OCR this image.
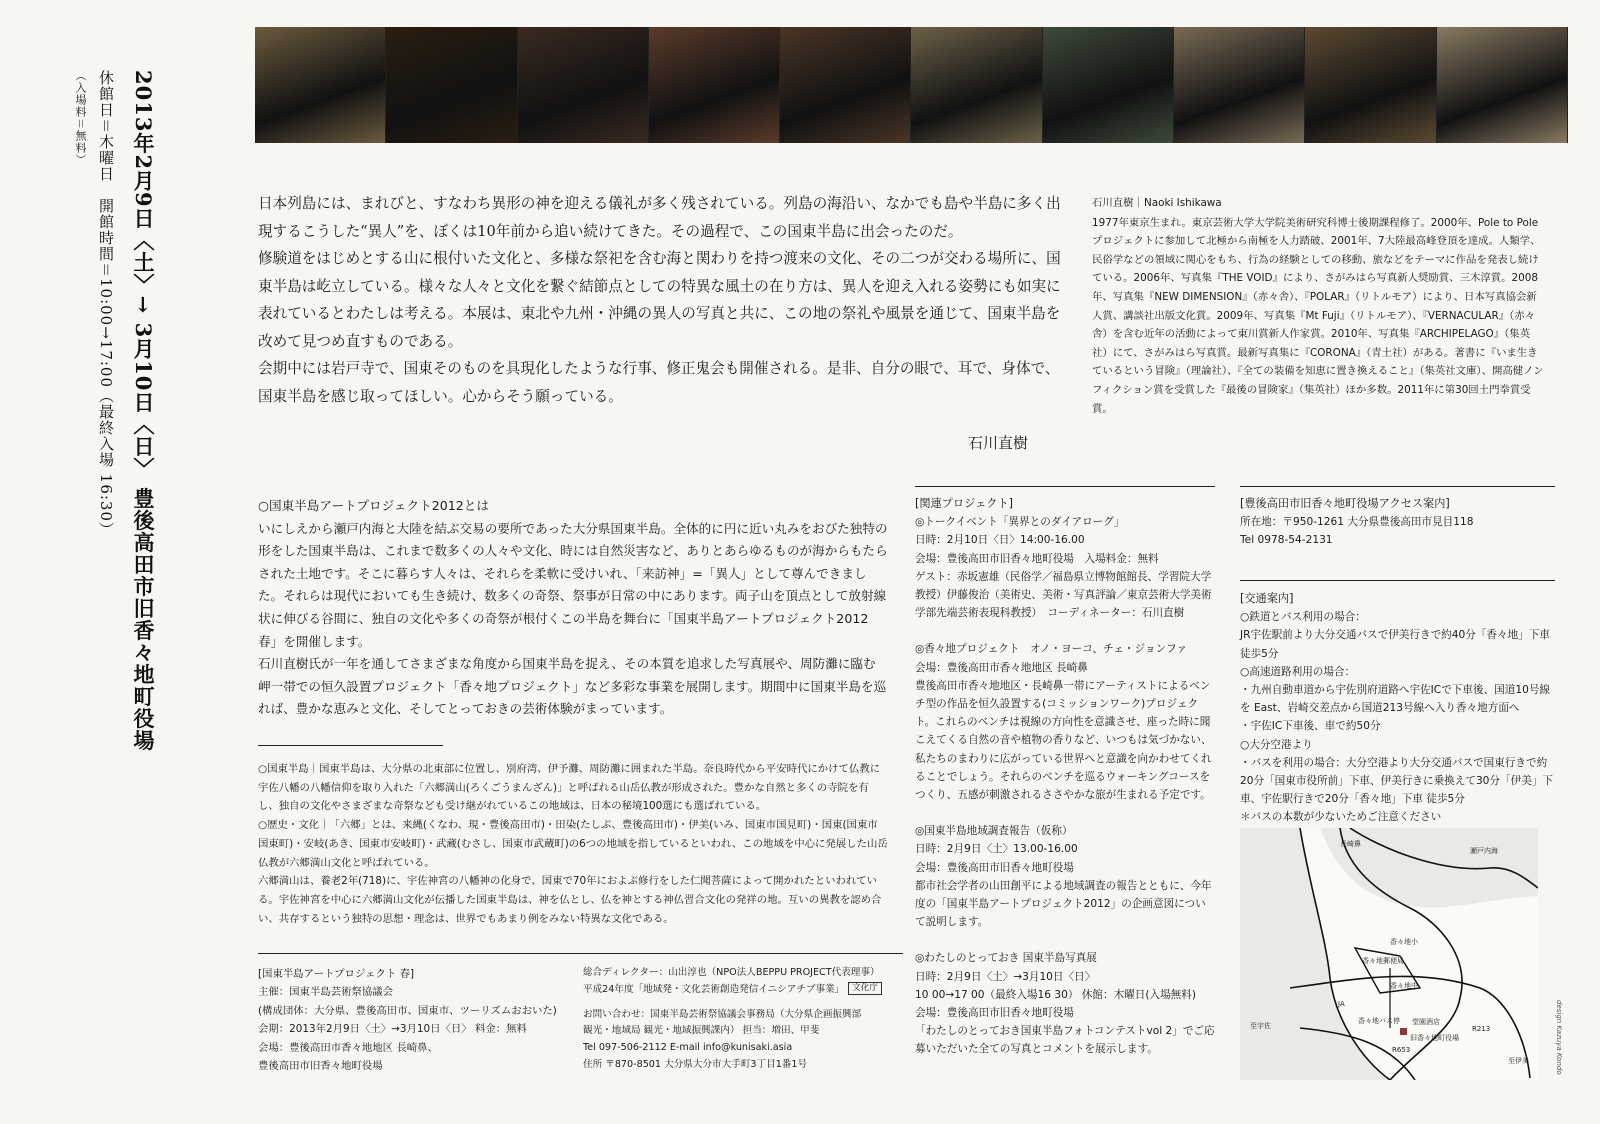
2013年2月9日〈土〉→ 3月10日〈日〉 豊後高田市旧香々地町役場
休館日＝木曜日　開館時間＝10:00→17:00（最終入場 16:30）
（入場料＝無料）

日本列島には、まれびと、すなわち異形の神を迎える儀礼が多く残されている。列島の海沿い、なかでも島や半島に多く出現するこうした“異人”を、ぼくは10年前から追い続けてきた。その過程で、この国東半島に出会ったのだ。

修験道をはじめとする山に根付いた文化と、多様な祭祀を含む海と関わりを持つ渡来の文化、その二つが交わる場所に、国東半島は屹立している。様々な人々と文化を繋ぐ結節点としての特異な風土の在り方は、異人を迎え入れる姿勢にも如実に表れているとわたしは考える。本展は、東北や九州・沖縄の異人の写真と共に、この地の祭礼や風景を通じて、国東半島を改めて見つめ直すものである。

会期中には岩戸寺で、国東そのものを具現化したような行事、修正鬼会も開催される。是非、自分の眼で、耳で、身体で、国東半島を感じ取ってほしい。心からそう願っている。

石川直樹
石川直樹｜Naoki Ishikawa
1977年東京生まれ。東京芸術大学大学院美術研究科博士後期課程修了。2000年、Pole to Poleプロジェクトに参加して北極から南極を人力踏破、2001年、7大陸最高峰登頂を達成。人類学、民俗学などの領域に関心をもち、行為の経験としての移動、旅などをテーマに作品を発表し続けている。2006年、写真集『THE VOID』により、さがみはら写真新人奨励賞、三木淳賞。2008年、写真集『NEW DIMENSION』（赤々舎）、『POLAR』（リトルモア）により、日本写真協会新人賞、講談社出版文化賞。2009年、写真集『Mt Fuji』（リトルモア）、『VERNACULAR』（赤々舎）を含む近年の活動によって東川賞新人作家賞。2010年、写真集『ARCHIPELAGO』（集英社）にて、さがみはら写真賞。最新写真集に『CORONA』（青土社）がある。著書に『いま生きているという冒険』（理論社）、『全ての装備を知恵に置き換えること』（集英社文庫）、開高健ノンフィクション賞を受賞した『最後の冒険家』（集英社）ほか多数。2011年に第30回土門拳賞受賞。
○国東半島アートプロジェクト2012とは
いにしえから瀬戸内海と大陸を結ぶ交易の要所であった大分県国東半島。全体的に円に近い丸みをおびた独特の形をした国東半島は、これまで数多くの人々や文化、時には自然災害など、ありとあらゆるものが海からもたらされた土地です。そこに暮らす人々は、それらを柔軟に受けいれ、「来訪神」=「異人」として尊んできました。それらは現代においても生き続け、数多くの奇祭、祭事が日常の中にあります。両子山を頂点として放射線状に伸びる谷間に、独自の文化や多くの奇祭が根付くこの半島を舞台に「国東半島アートプロジェクト2012 春」を開催します。
石川直樹氏が一年を通してさまざまな角度から国東半島を捉え、その本質を追求した写真展や、周防灘に臨む岬一帯での恒久設置プロジェクト「香々地プロジェクト」など多彩な事業を展開します。期間中に国東半島を巡れば、豊かな恵みと文化、そしてとっておきの芸術体験がまっています。

○国東半島｜国東半島は、大分県の北東部に位置し、別府湾、伊予灘、周防灘に囲まれた半島。奈良時代から平安時代にかけて仏教に宇佐八幡の八幡信仰を取り入れた「六郷満山(ろくごうまんざん)」と呼ばれる山岳仏教が形成された。豊かな自然と多くの寺院を有し、独自の文化やさまざまな奇祭なども受け継がれているこの地域は、日本の秘境100選にも選ばれている。

○歴史・文化｜「六郷」とは、来縄(くなわ、現・豊後高田市)・田染(たしぶ、豊後高田市)・伊美(いみ、国東市国見町)・国東(国東市国東町)・安岐(あき、国東市安岐町)・武蔵(むさし、国東市武蔵町)の6つの地域を指しているといわれ、この地域を中心に発展した山岳仏教が六郷満山文化と呼ばれている。

六郷満山は、養老2年(718)に、宇佐神宮の八幡神の化身で、国東で70年におよぶ修行をした仁聞菩薩によって開かれたといわれている。宇佐神宮を中心に六郷満山文化が伝播した国東半島は、神を仏とし、仏を神とする神仏習合文化の発祥の地。互いの異教を認め合い、共存するという独特の思想・理念は、世界でもあまり例をみない特異な文化である。

[国東半島アートプロジェクト 春]
主催：国東半島芸術祭協議会
(構成団体：大分県、豊後高田市、国東市、ツーリズムおおいた)
会期：2013年2月9日〈土〉→3月10日〈日〉 料金：無料
会場：豊後高田市香々地地区 長崎鼻、
豊後高田市旧香々地町役場
総合ディレクター：山出淳也（NPO法人BEPPU PROJECT代表理事）
平成24年度「地域発・文化芸術創造発信イニシアチブ事業」 文化庁
お問い合わせ：国東半島芸術祭協議会事務局（大分県企画振興部
観光・地域局 観光・地域振興課内） 担当：増田、甲斐
Tel 097-506-2112 E-mail info@kunisaki.asia
住所 〒870-8501 大分県大分市大手町3丁目1番1号
[関連プロジェクト]
◎トークイベント「異界とのダイアローグ」
日時：2月10日〈日〉14:00-16.00
会場：豊後高田市旧香々地町役場　入場料金：無料
ゲスト：赤坂憲雄（民俗学／福島県立博物館館長、学習院大学教授）伊藤俊治（美術史、美術・写真評論／東京芸術大学美術学部先端芸術表現科教授）　コーディネーター：石川直樹
◎香々地プロジェクト　オノ・ヨーコ、チェ・ジョンファ
会場：豊後高田市香々地地区 長崎鼻
豊後高田市香々地地区・長崎鼻一帯にアーティストによるベンチ型の作品を恒久設置する(コミッションワーク)プロジェクト。これらのベンチは視線の方向性を意識させ、座った時に聞こえてくる自然の音や植物の香りなど、いつもは気づかない、私たちのまわりに広がっている世界へと意識を向かわせてくれることでしょう。それらのベンチを巡るウォーキングコースをつくり、五感が刺激されるささやかな旅が生まれる予定です。
◎国東半島地域調査報告（仮称）
日時：2月9日〈土〉13.00-16.00
会場：豊後高田市旧香々地町役場
都市社会学者の山田創平による地域調査の報告とともに、今年度の「国東半島アートプロジェクト2012」の企画意図について説明します。
◎わたしのとっておき 国東半島写真展
日時：2月9日〈土〉→3月10日〈日〉
10 00→17 00（最終入場16 30） 休館：木曜日(入場無料)
会場：豊後高田市旧香々地町役場
「わたしのとっておき国東半島フォトコンテストvol 2」でご応募いただいた全ての写真とコメントを展示します。
[豊後高田市旧香々地町役場アクセス案内]
所在地：〒950-1261 大分県豊後高田市見目118
Tel 0978-54-2131
[交通案内]
○鉄道とバス利用の場合：
JR宇佐駅前より大分交通バスで伊美行きで約40分「香々地」下車徒歩5分
○高速道路利用の場合：
・九州自動車道から宇佐別府道路へ宇佐ICで下車後、国道10号線を East、岩崎交差点から国道213号線へ入り香々地方面へ
・宇佐IC下車後、車で約50分
○大分空港より
・バスを利用の場合：大分空港より大分交通バスで国東行きで約20分「国東市役所前」下車、伊美行きに乗換えて30分「伊美」下車、宇佐駅行きで20分「香々地」下車 徒歩5分
＊バスの本数が少ないためご注意ください
・車を利用の場合：大分空港から国道213号線を車で約45分
長崎鼻
瀬戸内海
香々地小
香々地郵便局
JA
香々地中
香々地バス停 堂園酒店
旧香々地町役場
R213
R653
至宇佐
至伊美	design Kazuya Kondo
